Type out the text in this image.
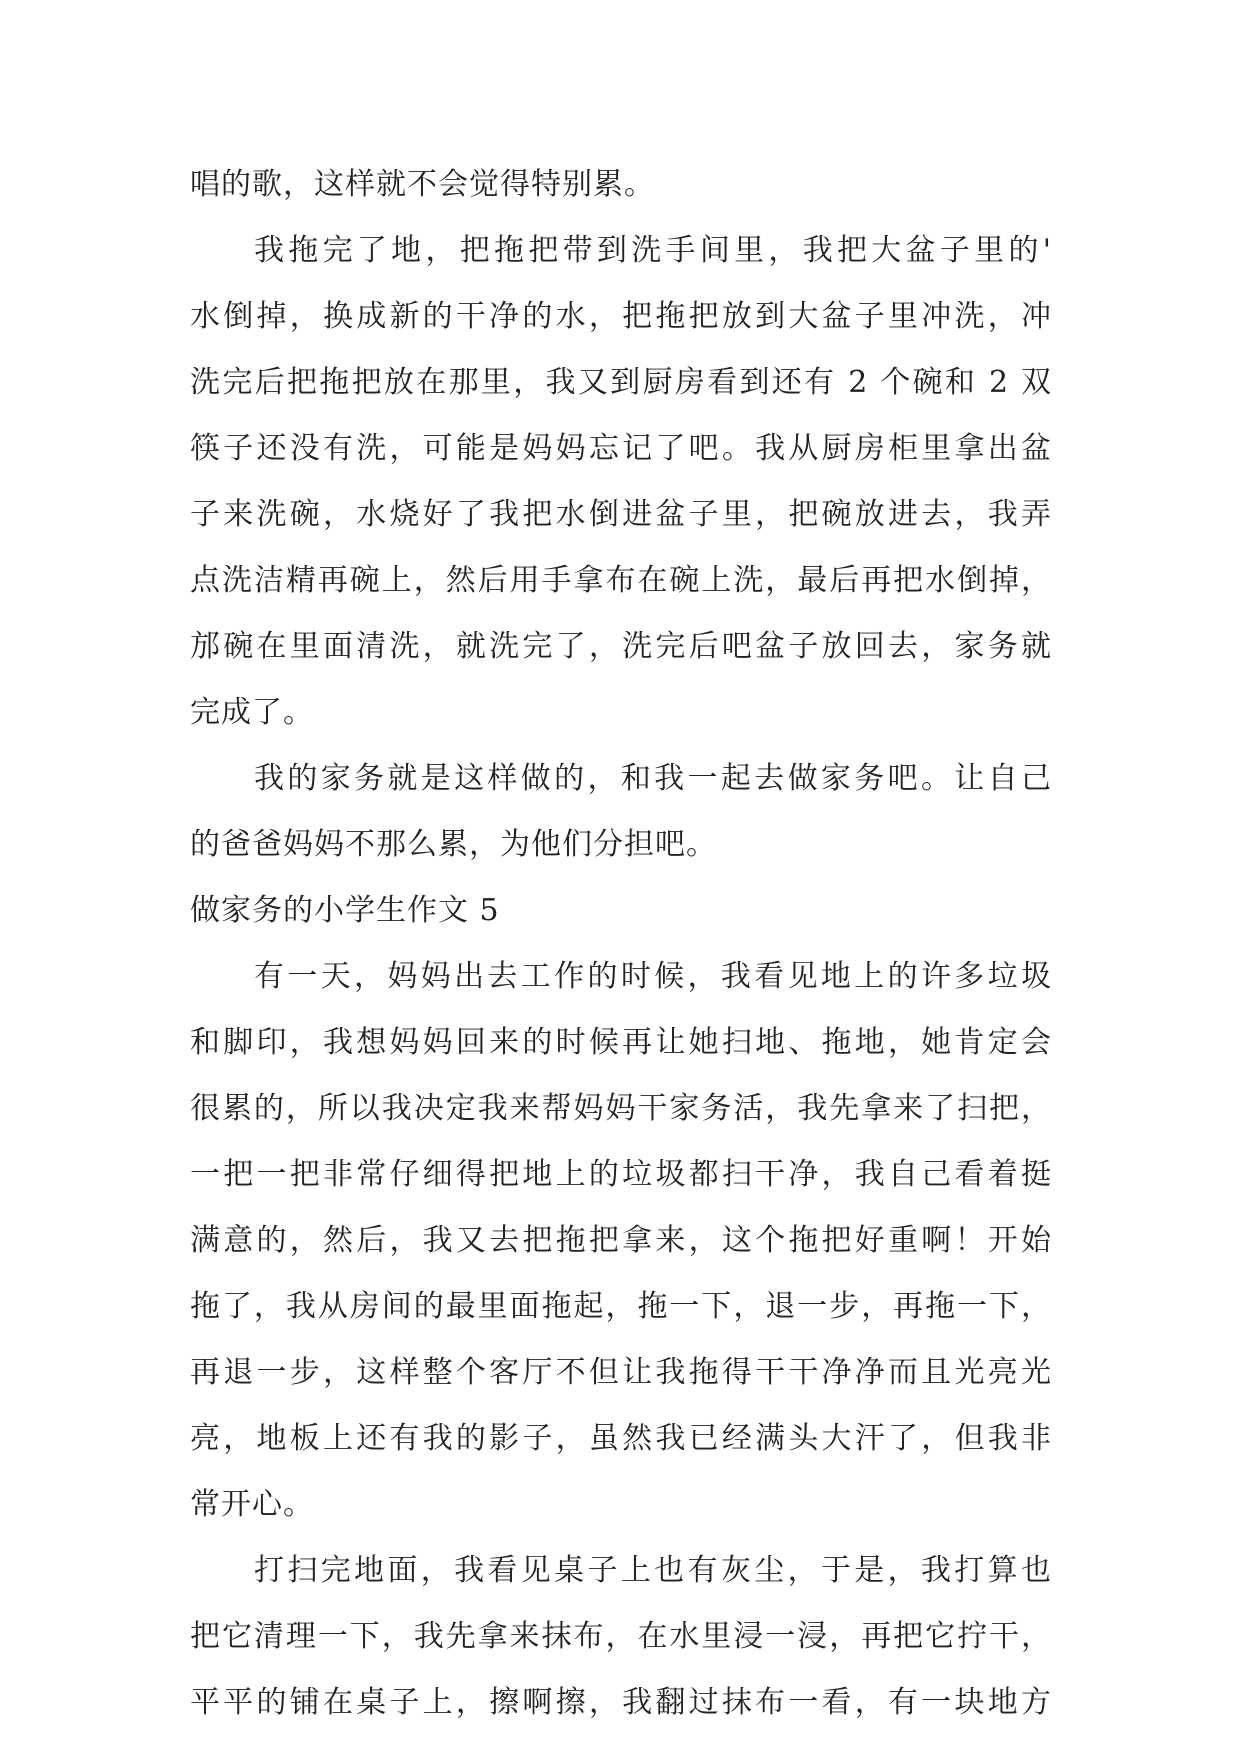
唱的歌，这样就不会觉得特别累。
我拖完了地，把拖把带到洗手间里，我把大盆子里的'
水倒掉，换成新的干净的水，把拖把放到大盆子里冲洗，冲
洗完后把拖把放在那里，我又到厨房看到还有 2 个碗和 2 双
筷子还没有洗，可能是妈妈忘记了吧。我从厨房柜里拿出盆
子来洗碗，水烧好了我把水倒进盆子里，把碗放进去，我弄
点洗洁精再碗上，然后用手拿布在碗上洗，最后再把水倒掉，
邡碗在里面清洗，就洗完了，洗完后吧盆子放回去，家务就
完成了。
我的家务就是这样做的，和我一起去做家务吧。让自己
的爸爸妈妈不那么累，为他们分担吧。
做家务的小学生作文 5
有一天，妈妈出去工作的时候，我看见地上的许多垃圾
和脚印，我想妈妈回来的时候再让她扫地、拖地，她肯定会
很累的，所以我决定我来帮妈妈干家务活，我先拿来了扫把，
一把一把非常仔细得把地上的垃圾都扫干净，我自己看着挺
满意的，然后，我又去把拖把拿来，这个拖把好重啊！开始
拖了，我从房间的最里面拖起，拖一下，退一步，再拖一下，
再退一步，这样整个客厅不但让我拖得干干净净而且光亮光
亮，地板上还有我的影子，虽然我已经满头大汗了，但我非
常开心。
打扫完地面，我看见桌子上也有灰尘，于是，我打算也
把它清理一下，我先拿来抹布，在水里浸一浸，再把它拧干，
平平的铺在桌子上，擦啊擦，我翻过抹布一看，有一块地方
